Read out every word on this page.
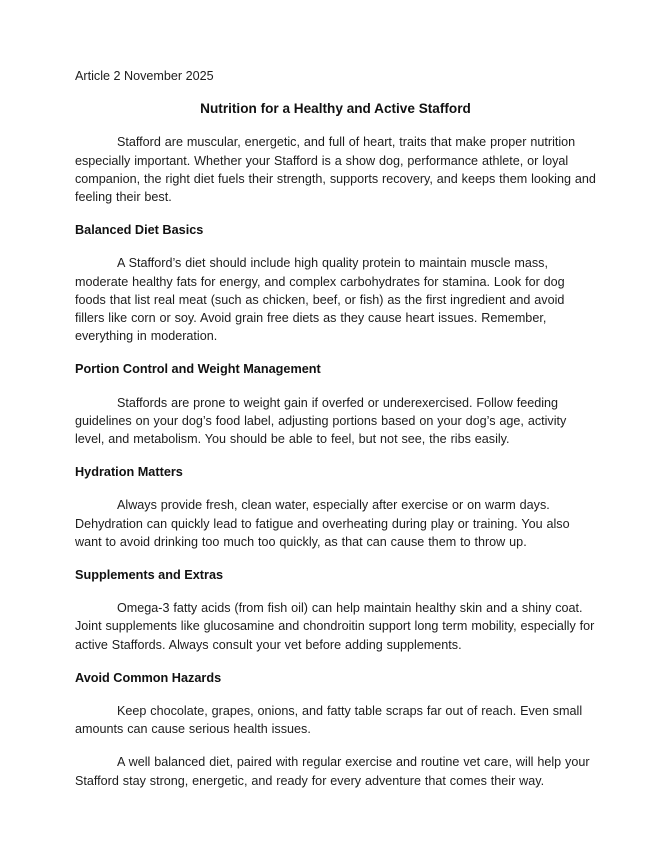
Article 2 November 2025

Nutrition for a Healthy and Active Stafford

Stafford are muscular, energetic, and full of heart, traits that make proper nutrition especially important. Whether your Stafford is a show dog, performance athlete, or loyal companion, the right diet fuels their strength, supports recovery, and keeps them looking and feeling their best.

Balanced Diet Basics

A Stafford’s diet should include high quality protein to maintain muscle mass, moderate healthy fats for energy, and complex carbohydrates for stamina. Look for dog foods that list real meat (such as chicken, beef, or fish) as the first ingredient and avoid fillers like corn or soy. Avoid grain free diets as they cause heart issues. Remember, everything in moderation.

Portion Control and Weight Management

Staffords are prone to weight gain if overfed or underexercised. Follow feeding guidelines on your dog’s food label, adjusting portions based on your dog’s age, activity level, and metabolism. You should be able to feel, but not see, the ribs easily.

Hydration Matters

Always provide fresh, clean water, especially after exercise or on warm days. Dehydration can quickly lead to fatigue and overheating during play or training. You also want to avoid drinking too much too quickly, as that can cause them to throw up.

Supplements and Extras

Omega-3 fatty acids (from fish oil) can help maintain healthy skin and a shiny coat. Joint supplements like glucosamine and chondroitin support long term mobility, especially for active Staffords. Always consult your vet before adding supplements.

Avoid Common Hazards

Keep chocolate, grapes, onions, and fatty table scraps far out of reach. Even small amounts can cause serious health issues.

A well balanced diet, paired with regular exercise and routine vet care, will help your Stafford stay strong, energetic, and ready for every adventure that comes their way.
